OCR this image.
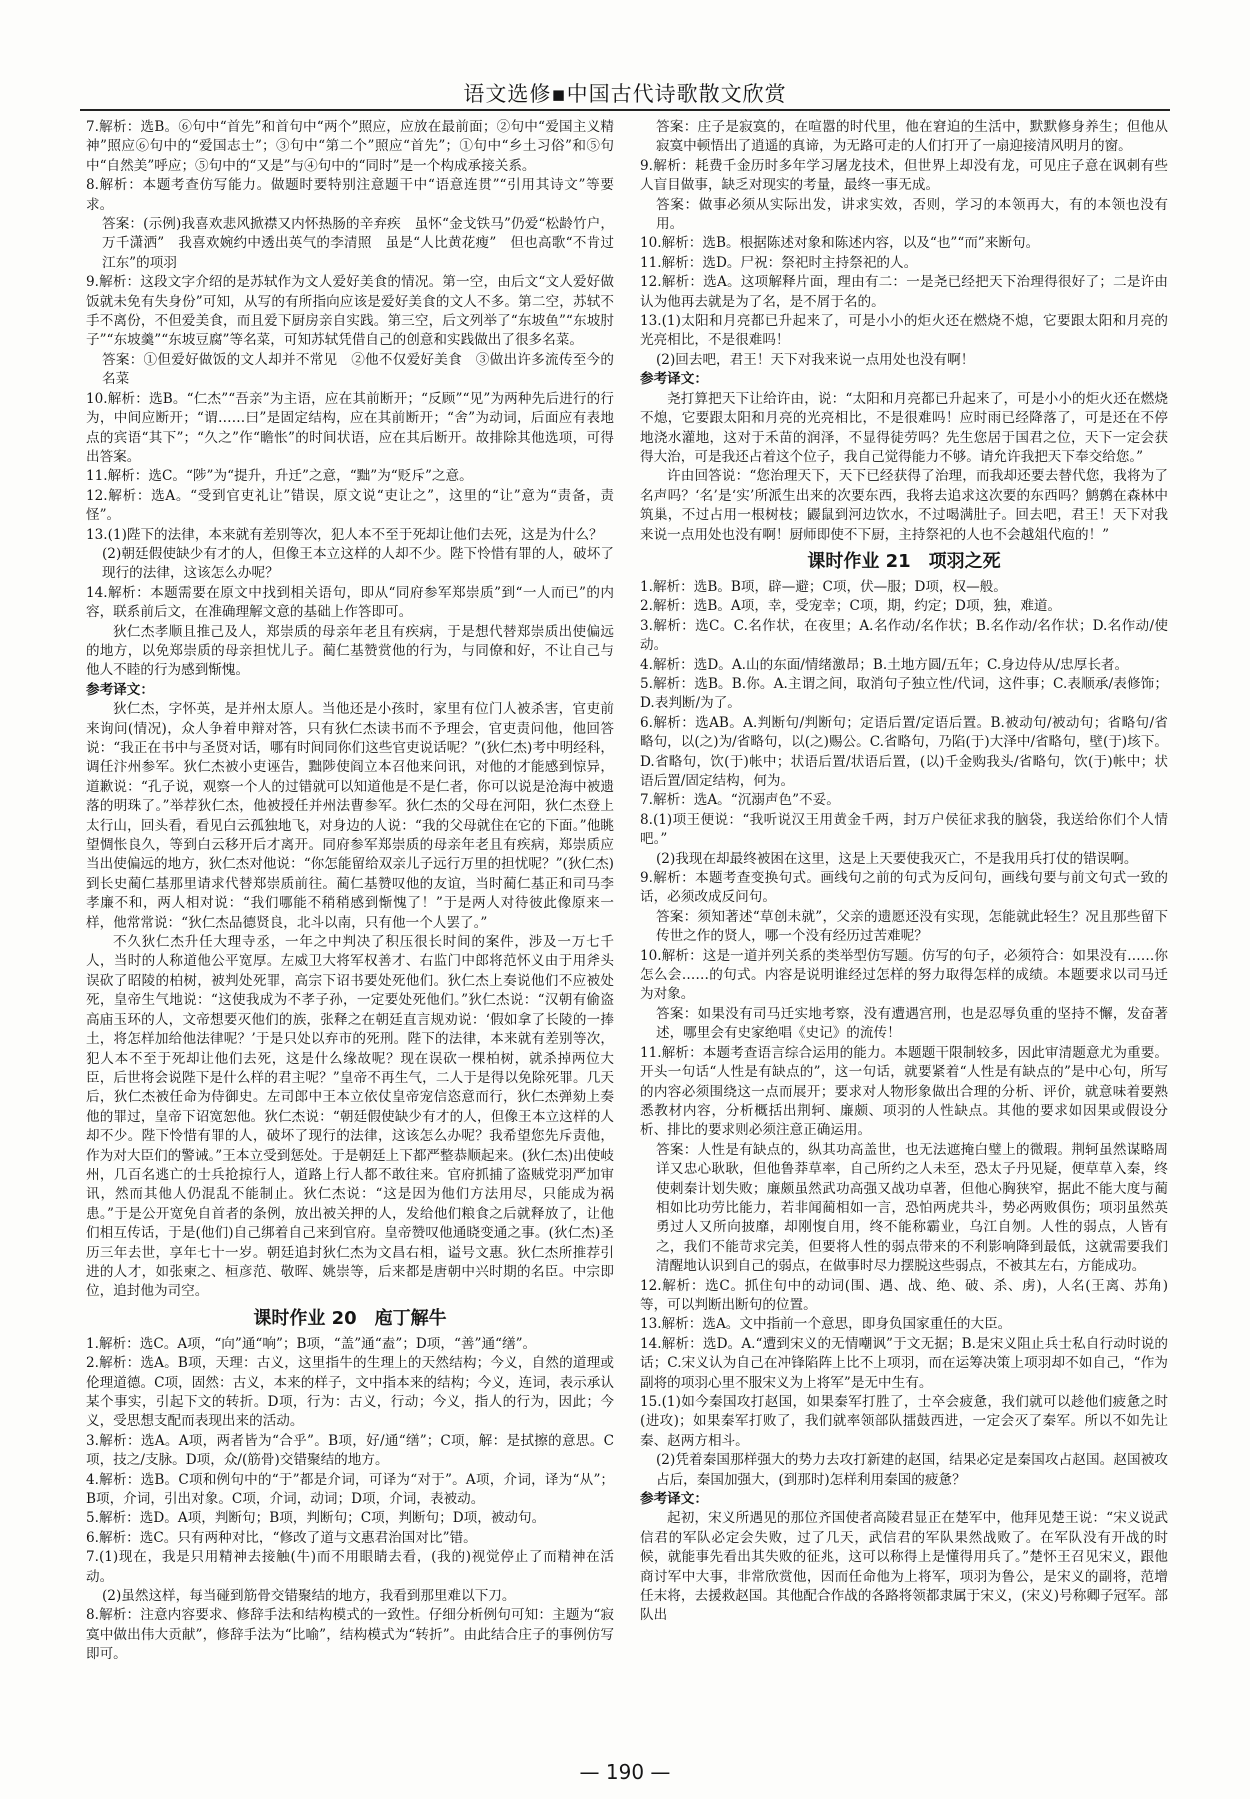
语文选修▪中国古代诗歌散文欣赏

7.解析：选B。⑥句中“首先”和首句中“两个”照应，应放在最前面；②句中“爱国主义精神”照应⑥句中的“爱国志士”；③句中“第二个”照应“首先”；①句中“乡土习俗”和⑤句中“自然美”呼应；⑤句中的“又是”与④句中的“同时”是一个构成承接关系。

8.解析：本题考查仿写能力。做题时要特别注意题干中“语意连贯”“引用其诗文”等要求。

答案：(示例)我喜欢悲风掀襟又内怀热肠的辛弃疾　虽怀“金戈铁马”仍爱“松龄竹户，万千潇洒”　我喜欢婉约中透出英气的李清照　虽是“人比黄花瘦”　但也高歌“不肯过江东”的项羽

9.解析：这段文字介绍的是苏轼作为文人爱好美食的情况。第一空，由后文“文人爱好做饭就未免有失身份”可知，从写的有所指向应该是爱好美食的文人不多。第二空，苏轼不手不离份，不但爱美食，而且爱下厨房亲自实践。第三空，后文列举了“东坡鱼”“东坡肘子”“东坡羹”“东坡豆腐”等名菜，可知苏轼凭借自己的创意和实践做出了很多名菜。

答案：①但爱好做饭的文人却并不常见　②他不仅爱好美食　③做出许多流传至今的名菜

10.解析：选B。“仁杰”“吾亲”为主语，应在其前断开；“反顾”“见”为两种先后进行的行为，中间应断开；“谓……曰”是固定结构，应在其前断开；“舍”为动词，后面应有表地点的宾语“其下”；“久之”作“瞻怅”的时间状语，应在其后断开。故排除其他选项，可得出答案。

11.解析：选C。“陟”为“提升，升迁”之意，“黜”为“贬斥”之意。

12.解析：选A。“受到官吏礼让”错误，原文说“吏让之”，这里的“让”意为“责备，责怪”。

13.(1)陛下的法律，本来就有差别等次，犯人本不至于死却让他们去死，这是为什么？

(2)朝廷假使缺少有才的人，但像王本立这样的人却不少。陛下怜惜有罪的人，破坏了现行的法律，这该怎么办呢？

14.解析：本题需要在原文中找到相关语句，即从“同府参军郑崇质”到“一人而已”的内容，联系前后文，在准确理解文意的基础上作答即可。

狄仁杰孝顺且推己及人，郑崇质的母亲年老且有疾病，于是想代替郑崇质出使偏远的地方，以免郑崇质的母亲担忧儿子。蔺仁基赞赏他的行为，与同僚和好，不让自己与他人不睦的行为感到惭愧。

参考译文：

狄仁杰，字怀英，是并州太原人。当他还是小孩时，家里有位门人被杀害，官吏前来询问(情况)，众人争着申辩对答，只有狄仁杰读书而不予理会，官吏责问他，他回答说：“我正在书中与圣贤对话，哪有时间同你们这些官吏说话呢？”(狄仁杰)考中明经科，调任汴州参军。狄仁杰被小吏诬告，黜陟使阎立本召他来问讯，对他的才能感到惊异，道歉说：“孔子说，观察一个人的过错就可以知道他是不是仁者，你可以说是沧海中被遗落的明珠了。”举荐狄仁杰，他被授任并州法曹参军。狄仁杰的父母在河阳，狄仁杰登上太行山，回头看，看见白云孤独地飞，对身边的人说：“我的父母就住在它的下面。”他眺望惆怅良久，等到白云移开后才离开。同府参军郑崇质的母亲年老且有疾病，郑崇质应当出使偏远的地方，狄仁杰对他说：“你怎能留给双亲儿子远行万里的担忧呢？”(狄仁杰)到长史蔺仁基那里请求代替郑崇质前往。蔺仁基赞叹他的友谊，当时蔺仁基正和司马李孝廉不和，两人相对说：“我们哪能不稍稍感到惭愧了！”于是两人对待彼此像原来一样，他常常说：“狄仁杰品德贤良，北斗以南，只有他一个人罢了。”

不久狄仁杰升任大理寺丞，一年之中判决了积压很长时间的案件，涉及一万七千人，当时的人称道他公平宽厚。左威卫大将军权善才、右监门中郎将范怀义由于用斧头误砍了昭陵的柏树，被判处死罪，高宗下诏书要处死他们。狄仁杰上奏说他们不应被处死，皇帝生气地说：“这使我成为不孝子孙，一定要处死他们。”狄仁杰说：“汉朝有偷盗高庙玉环的人，文帝想要灭他们的族，张释之在朝廷直言规劝说：‘假如拿了长陵的一捧土，将怎样加给他法律呢？’于是只处以弃市的死刑。陛下的法律，本来就有差别等次，犯人本不至于死却让他们去死，这是什么缘故呢？现在误砍一棵柏树，就杀掉两位大臣，后世将会说陛下是什么样的君主呢？”皇帝不再生气，二人于是得以免除死罪。几天后，狄仁杰被任命为侍御史。左司郎中王本立依仗皇帝宠信恣意而行，狄仁杰弹劾上奏他的罪过，皇帝下诏宽恕他。狄仁杰说：“朝廷假使缺少有才的人，但像王本立这样的人却不少。陛下怜惜有罪的人，破坏了现行的法律，这该怎么办呢？我希望您先斥责他，作为对大臣们的警诫。”王本立受到惩处。于是朝廷上下都严整恭顺起来。(狄仁杰)出使岐州，几百名逃亡的士兵抢掠行人，道路上行人都不敢往来。官府抓捕了盗贼党羽严加审讯，然而其他人仍混乱不能制止。狄仁杰说：“这是因为他们方法用尽，只能成为祸患。”于是公开宽免自首者的条例，放出被关押的人，发给他们粮食之后就释放了，让他们相互传话，于是(他们)自己绑着自己来到官府。皇帝赞叹他通晓变通之事。(狄仁杰)圣历三年去世，享年七十一岁。朝廷追封狄仁杰为文昌右相，谥号文惠。狄仁杰所推荐引进的人才，如张柬之、桓彦范、敬晖、姚崇等，后来都是唐朝中兴时期的名臣。中宗即位，追封他为司空。

课时作业 20　 庖丁解牛

1.解析：选C。A项，“向”通“响”；B项，“盖”通“盍”；D项，“善”通“缮”。

2.解析：选A。B项，天理：古义，这里指牛的生理上的天然结构；今义，自然的道理或伦理道德。C项，固然：古义，本来的样子，文中指本来的结构；今义，连词，表示承认某个事实，引起下文的转折。D项，行为：古义，行动；今义，指人的行为，因此；今义，受思想支配而表现出来的活动。

3.解析：选A。A项，两者皆为“合乎”。B项，好/通“缮”；C项，解：是拭擦的意思。C项，技之/支脉。D项，众/(筋骨)交错聚结的地方。

4.解析：选B。C项和例句中的“于”都是介词，可译为“对于”。A项，介词，译为“从”；B项，介词，引出对象。C项，介词，动词；D项，介词，表被动。

5.解析：选D。A项，判断句；B项，判断句；C项，判断句；D项，被动句。

6.解析：选C。只有两种对比，“修改了道与文惠君治国对比”错。

7.(1)现在，我是只用精神去接触(牛)而不用眼睛去看，(我的)视觉停止了而精神在活动。

(2)虽然这样，每当碰到筋骨交错聚结的地方，我看到那里难以下刀。

8.解析：注意内容要求、修辞手法和结构模式的一致性。仔细分析例句可知：主题为“寂寞中做出伟大贡献”，修辞手法为“比喻”，结构模式为“转折”。由此结合庄子的事例仿写即可。

答案：庄子是寂寞的，在喧嚣的时代里，他在窘迫的生活中，默默修身养生；但他从寂寞中顿悟出了逍遥的真谛，为无路可走的人们打开了一扇迎接清风明月的窗。

9.解析：耗费千金历时多年学习屠龙技术，但世界上却没有龙，可见庄子意在讽刺有些人盲目做事，缺乏对现实的考量，最终一事无成。

答案：做事必须从实际出发，讲求实效，否则，学习的本领再大，有的本领也没有用。

10.解析：选B。根据陈述对象和陈述内容，以及“也”“而”来断句。

11.解析：选D。尸祝：祭祀时主持祭祀的人。

12.解析：选A。这项解释片面，理由有二：一是尧已经把天下治理得很好了；二是许由认为他再去就是为了名，是不屑于名的。

13.(1)太阳和月亮都已升起来了，可是小小的炬火还在燃烧不熄，它要跟太阳和月亮的光亮相比，不是很难吗！

(2)回去吧，君王！天下对我来说一点用处也没有啊！

参考译文：

尧打算把天下让给许由，说：“太阳和月亮都已升起来了，可是小小的炬火还在燃烧不熄，它要跟太阳和月亮的光亮相比，不是很难吗！应时雨已经降落了，可是还在不停地浇水灌地，这对于禾苗的润泽，不显得徒劳吗？先生您居于国君之位，天下一定会获得大治，可是我还占着这个位子，我自己觉得能力不够。请允许我把天下奉交给您。”

许由回答说：“您治理天下，天下已经获得了治理，而我却还要去替代您，我将为了名声吗？‘名’是‘实’所派生出来的次要东西，我将去追求这次要的东西吗？鹪鹩在森林中筑巢，不过占用一根树枝；鼹鼠到河边饮水，不过喝满肚子。回去吧，君王！天下对我来说一点用处也没有啊！厨师即使不下厨，主持祭祀的人也不会越俎代庖的！”

课时作业 21　 项羽之死

1.解析：选B。B项，辟—避；C项，伏—服；D项，权—般。

2.解析：选B。A项，幸，受宠幸；C项，期，约定；D项，独，难道。

3.解析：选C。C.名作状，在夜里；A.名作动/名作状；B.名作动/名作状；D.名作动/使动。

4.解析：选D。A.山的东面/情绪激昂；B.土地方圆/五年；C.身边侍从/忠厚长者。

5.解析：选B。B.你。A.主谓之间，取消句子独立性/代词，这件事；C.表顺承/表修饰；D.表判断/为了。

6.解析：选AB。A.判断句/判断句；定语后置/定语后置。B.被动句/被动句；省略句/省略句，以(之)为/省略句，以(之)赐公。C.省略句，乃陷(于)大泽中/省略句，壁(于)垓下。D.省略句，饮(于)帐中；状语后置/状语后置，(以)千金购我头/省略句，饮(于)帐中；状语后置/固定结构，何为。

7.解析：选A。“沉溺声色”不妥。

8.(1)项王便说：“我听说汉王用黄金千两，封万户侯征求我的脑袋，我送给你们个人情吧。”

(2)我现在却最终被困在这里，这是上天要使我灭亡，不是我用兵打仗的错误啊。

9.解析：本题考查变换句式。画线句之前的句式为反问句，画线句要与前文句式一致的话，必须改成反问句。

答案：须知著述“草创未就”，父亲的遗愿还没有实现，怎能就此轻生？况且那些留下传世之作的贤人，哪一个没有经历过苦难呢？

10.解析：这是一道并列关系的类举型仿写题。仿写的句子，必须符合：如果没有……你怎么会……的句式。内容是说明谁经过怎样的努力取得怎样的成绩。本题要求以司马迁为对象。

答案：如果没有司马迁实地考察，没有遭遇宫刑，也是忍辱负重的坚持不懈，发奋著述，哪里会有史家绝唱《史记》的流传！

11.解析：本题考查语言综合运用的能力。本题题干限制较多，因此审清题意尤为重要。开头一句话“人性是有缺点的”，这一句话，就要紧着“人性是有缺点的”是中心句，所写的内容必须围绕这一点而展开；要求对人物形象做出合理的分析、评价，就意味着要熟悉教材内容，分析概括出荆轲、廉颇、项羽的人性缺点。其他的要求如因果或假设分析、排比的要求则必须注意正确运用。

答案：人性是有缺点的，纵其功高盖世，也无法遮掩白璧上的微瑕。荆轲虽然谋略周详又忠心耿耿，但他鲁莽草率，自己所约之人未至，恐太子丹见疑，便草草入秦，终使刺秦计划失败；廉颇虽然武功高强又战功卓著，但他心胸狭窄，据此不能大度与蔺相如比功劳比能力，若非闻蔺相如一言，恐怕两虎共斗，势必两败俱伤；项羽虽然英勇过人又所向披靡，却刚愎自用，终不能称霸业，乌江自刎。人性的弱点，人皆有之，我们不能苛求完美，但要将人性的弱点带来的不利影响降到最低，这就需要我们清醒地认识到自己的弱点，在做事时尽力摆脱这些弱点，不被其左右，方能成功。

12.解析：选C。抓住句中的动词(围、遇、战、绝、破、杀、虏)，人名(王离、苏角)等，可以判断出断句的位置。

13.解析：选A。文中指前一个意思，即身负国家重任的大臣。

14.解析：选D。A.“遭到宋义的无情嘲讽”于文无据；B.是宋义阻止兵士私自行动时说的话；C.宋义认为自己在冲锋陷阵上比不上项羽，而在运筹决策上项羽却不如自己，“作为副将的项羽心里不服宋义为上将军”是无中生有。

15.(1)如今秦国攻打赵国，如果秦军打胜了，士卒会疲惫，我们就可以趁他们疲惫之时(进攻)；如果秦军打败了，我们就率领部队擂鼓西进，一定会灭了秦军。所以不如先让秦、赵两方相斗。

(2)凭着秦国那样强大的势力去攻打新建的赵国，结果必定是秦国攻占赵国。赵国被攻占后，秦国加强大，(到那时)怎样利用秦国的疲惫？

参考译文：

起初，宋义所遇见的那位齐国使者高陵君显正在楚军中，他拜见楚王说：“宋义说武信君的军队必定会失败，过了几天，武信君的军队果然战败了。在军队没有开战的时候，就能事先看出其失败的征兆，这可以称得上是懂得用兵了。”楚怀王召见宋义，跟他商讨军中大事，非常欣赏他，因而任命他为上将军，项羽为鲁公，是宋义的副将，范增任末将，去援救赵国。其他配合作战的各路将领都隶属于宋义，(宋义)号称卿子冠军。部队出

— 190 —
